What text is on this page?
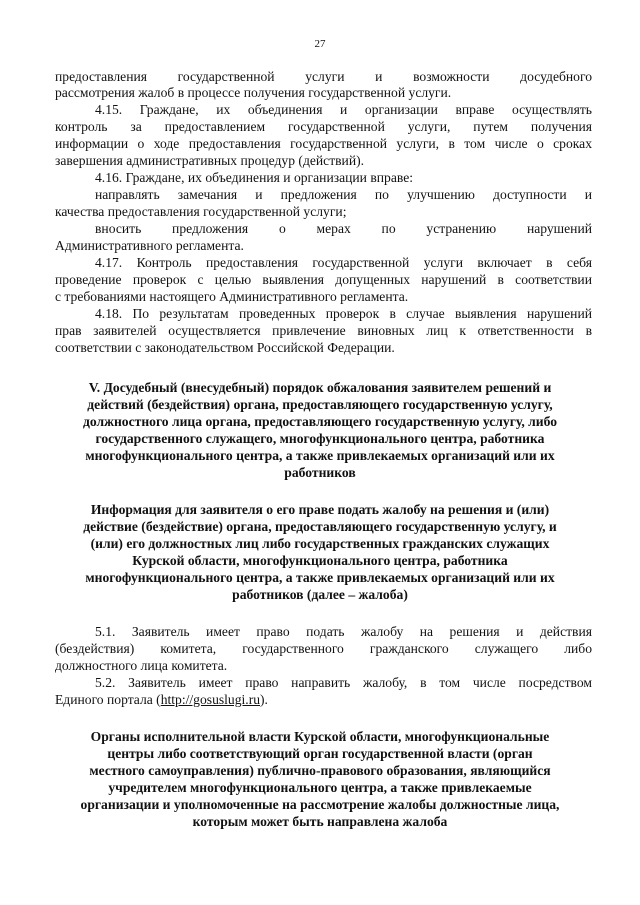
27
предоставления государственной услуги и возможности досудебного
рассмотрения жалоб в процессе получения государственной услуги.
4.15. Граждане, их объединения и организации вправе осуществлять
контроль за предоставлением государственной услуги, путем получения
информации о ходе предоставления государственной услуги, в том числе о сроках
завершения административных процедур (действий).
4.16. Граждане, их объединения и организации вправе:
направлять замечания и предложения по улучшению доступности и
качества предоставления государственной услуги;
вносить предложения о мерах по устранению нарушений
Административного регламента.
4.17. Контроль предоставления государственной услуги включает в себя
проведение проверок с целью выявления допущенных нарушений в соответствии
с требованиями настоящего Административного регламента.
4.18. По результатам проведенных проверок в случае выявления нарушений
прав заявителей осуществляется привлечение виновных лиц к ответственности в
соответствии с законодательством Российской Федерации.
V. Досудебный (внесудебный) порядок обжалования заявителем решений и
действий (бездействия) органа, предоставляющего государственную услугу,
должностного лица органа, предоставляющего государственную услугу, либо
государственного служащего, многофункционального центра, работника
многофункционального центра, а также привлекаемых организаций или их
работников
Информация для заявителя о его праве подать жалобу на решения и (или)
действие (бездействие) органа, предоставляющего государственную услугу, и
(или) его должностных лиц либо государственных гражданских служащих
Курской области, многофункционального центра, работника
многофункционального центра, а также привлекаемых организаций или их
работников (далее – жалоба)
5.1. Заявитель имеет право подать жалобу на решения и действия
(бездействия) комитета, государственного гражданского служащего либо
должностного лица комитета.
5.2. Заявитель имеет право направить жалобу, в том числе посредством
Единого портала (http://gosuslugi.ru).
Органы исполнительной власти Курской области, многофункциональные
центры либо соответствующий орган государственной власти (орган
местного самоуправления) публично-правового образования, являющийся
учредителем многофункционального центра, а также привлекаемые
организации и уполномоченные на рассмотрение жалобы должностные лица,
которым может быть направлена жалоба
